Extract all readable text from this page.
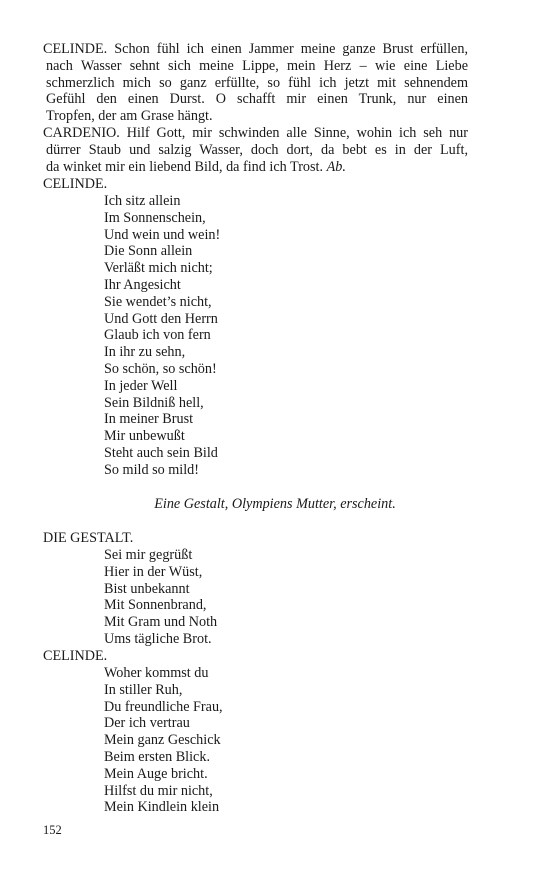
CELINDE. Schon fühl ich einen Jammer meine ganze Brust erfüllen,
nach Wasser sehnt sich meine Lippe, mein Herz – wie eine Liebe
schmerzlich mich so ganz erfüllte, so fühl ich jetzt mit sehnendem
Gefühl den einen Durst. O schafft mir einen Trunk, nur einen
Tropfen, der am Grase hängt.
CARDENIO. Hilf Gott, mir schwinden alle Sinne, wohin ich seh nur
dürrer Staub und salzig Wasser, doch dort, da bebt es in der Luft,
da winket mir ein liebend Bild, da find ich Trost. Ab.
CELINDE.
Ich sitz allein
Im Sonnenschein,
Und wein und wein!
Die Sonn allein
Verläßt mich nicht;
Ihr Angesicht
Sie wendet’s nicht,
Und Gott den Herrn
Glaub ich von fern
In ihr zu sehn,
So schön, so schön!
In jeder Well
Sein Bildniß hell,
In meiner Brust
Mir unbewußt
Steht auch sein Bild
So mild so mild!
Eine Gestalt, Olympiens Mutter, erscheint.
DIE GESTALT.
Sei mir gegrüßt
Hier in der Wüst,
Bist unbekannt
Mit Sonnenbrand,
Mit Gram und Noth
Ums tägliche Brot.
CELINDE.
Woher kommst du
In stiller Ruh,
Du freundliche Frau,
Der ich vertrau
Mein ganz Geschick
Beim ersten Blick.
Mein Auge bricht.
Hilfst du mir nicht,
Mein Kindlein klein
152
